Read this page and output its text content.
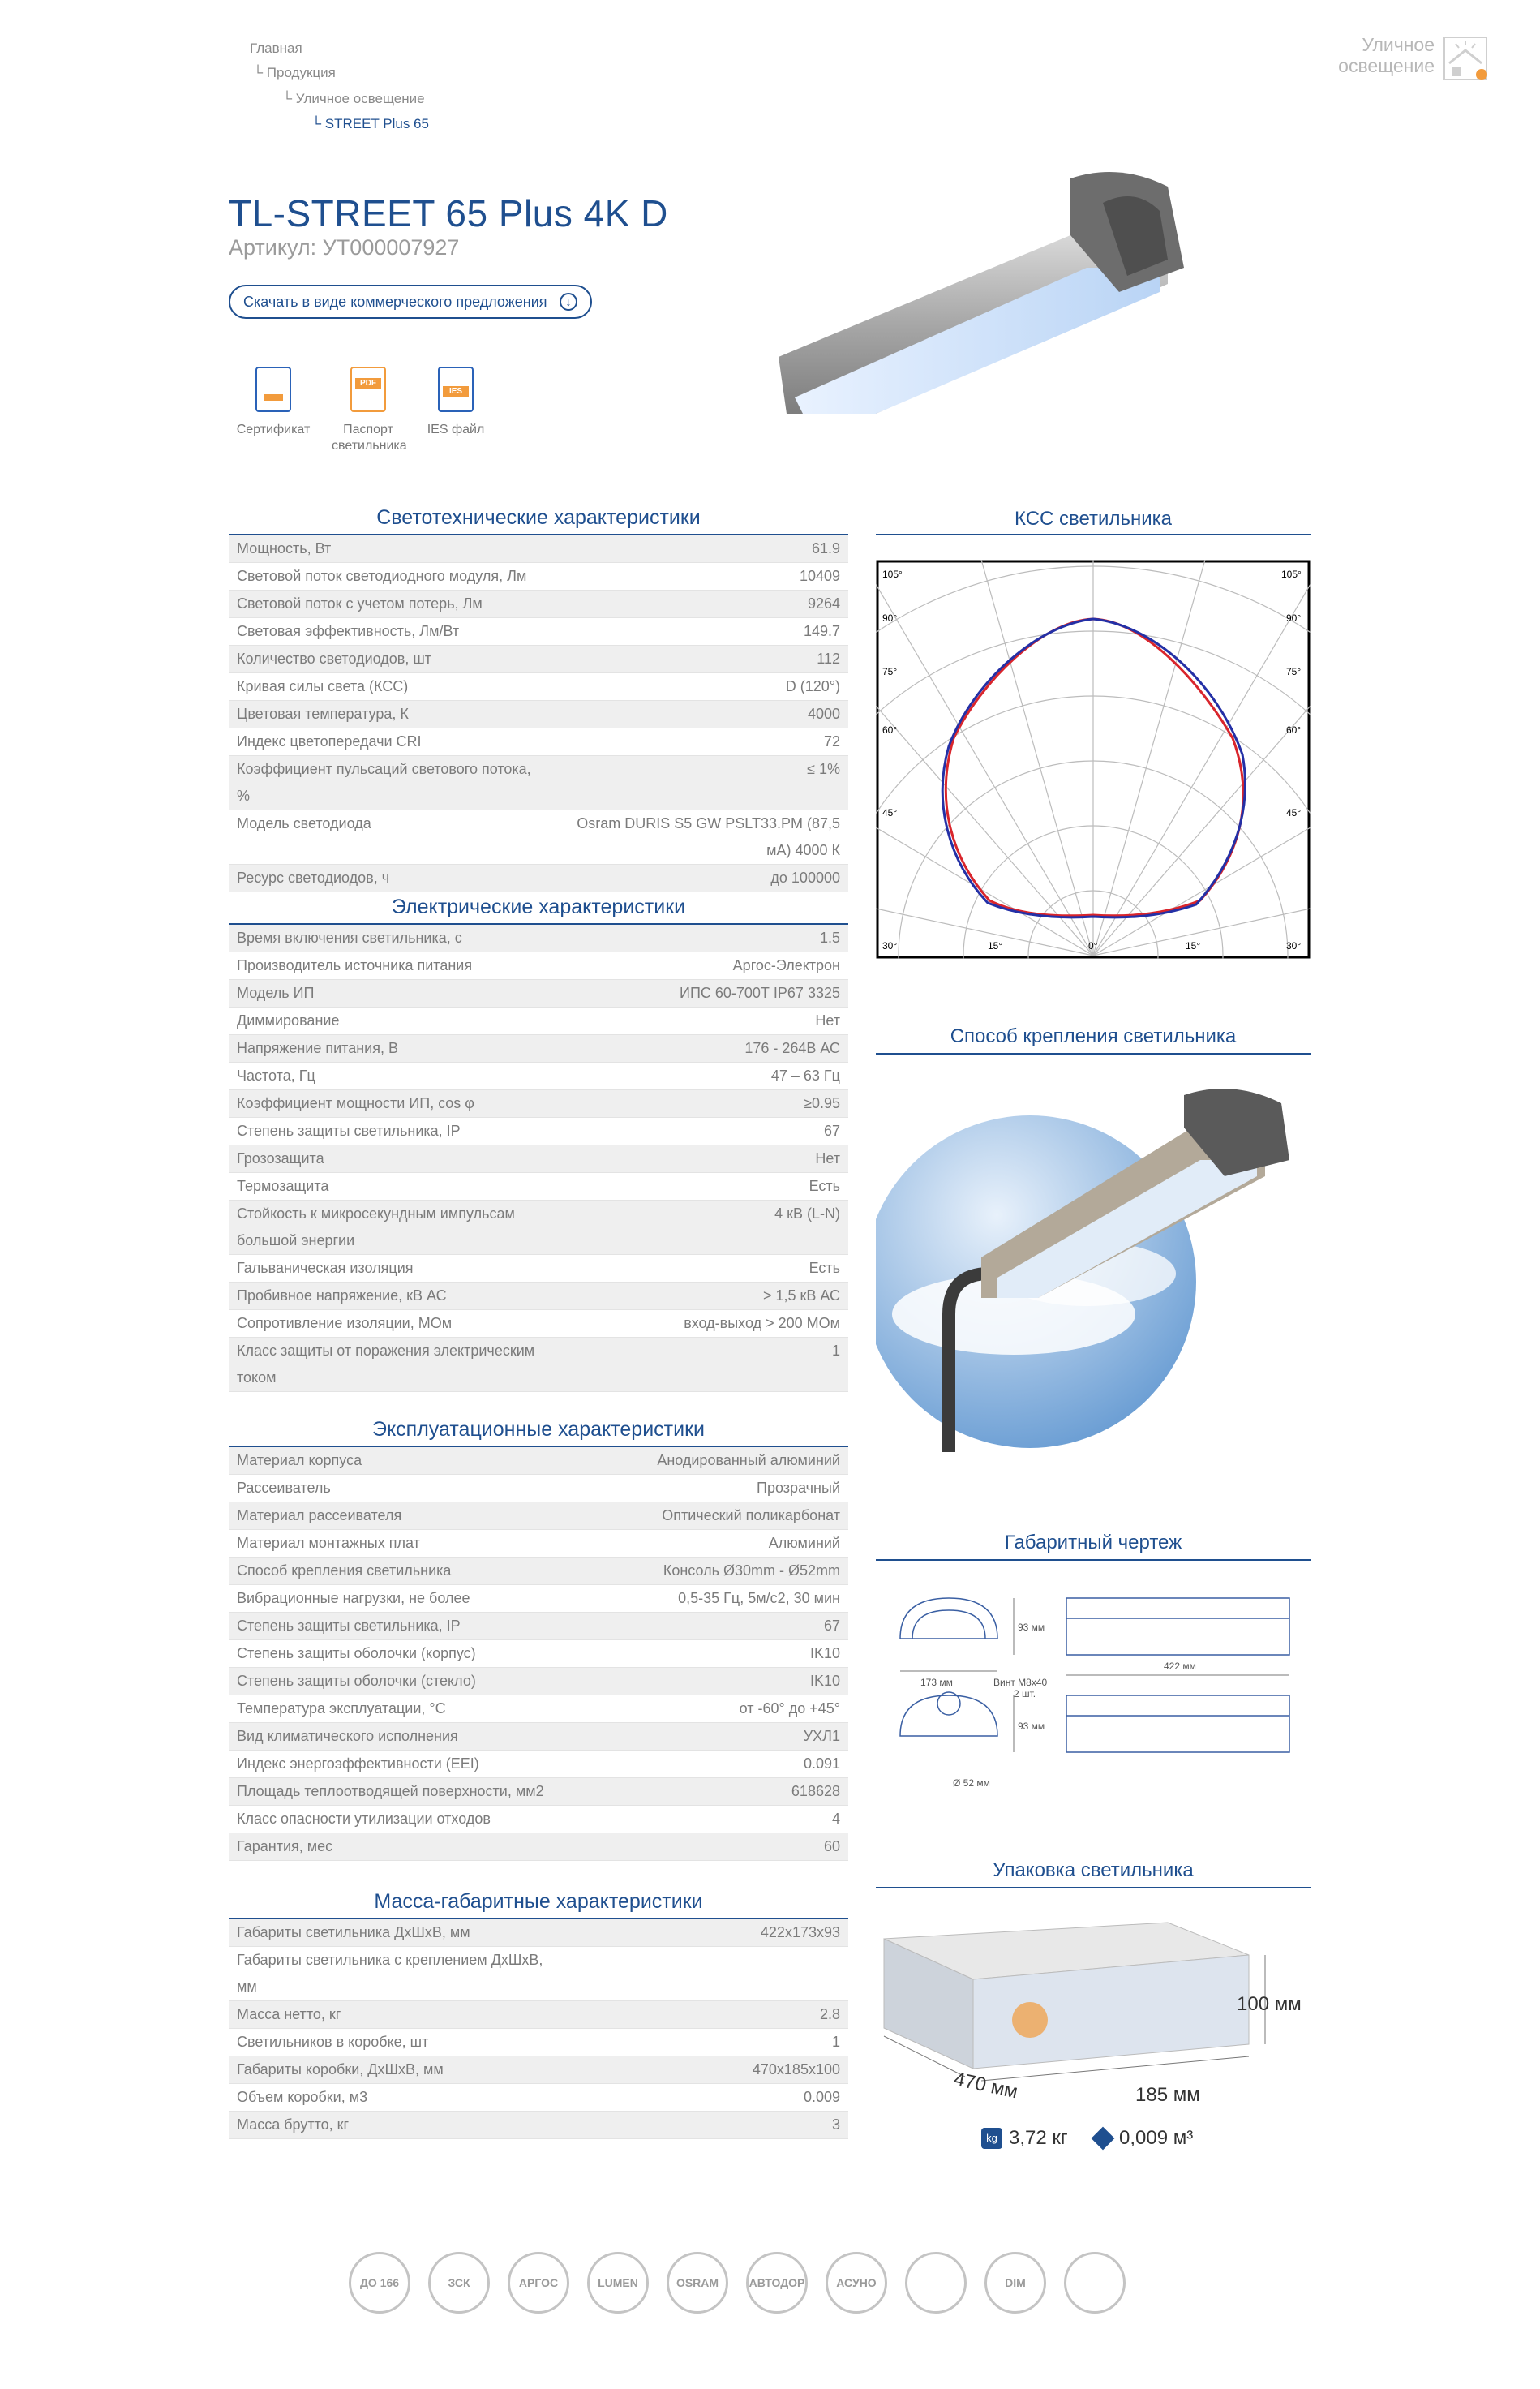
Главная
└ Продукция
└ Уличное освещение
└ STREET Plus 65
Уличное
освещение
TL-STREET 65 Plus 4K D
Артикул: УТ000007927
Скачать в виде коммерческого предложения	↓
Сертификат
PDF
Паспорт светильника
IES
IES файл
Светотехнические характеристики
Мощность, Вт	61.9
Световой поток светодиодного модуля, Лм	10409
Световой поток с учетом потерь, Лм	9264
Световая эффективность, Лм/Вт	149.7
Количество светодиодов, шт	112
Кривая силы света (КСС)	D (120°)
Цветовая температура, К	4000
Индекс цветопередачи CRI	72
Коэффициент пульсаций светового потока, %	≤ 1%
Модель светодиода	Osram DURIS S5 GW PSLT33.PM (87,5 мА) 4000 К
Ресурс светодиодов, ч	до 100000
Электрические характеристики
Время включения светильника, с	1.5
Производитель источника питания	Аргос-Электрон
Модель ИП	ИПС 60-700Т IP67 3325
Диммирование	Нет
Напряжение питания, В	176 - 264В АС
Частота, Гц	47 – 63 Гц
Коэффициент мощности ИП, cos φ	≥0.95
Степень защиты светильника, IP	67
Грозозащита	Нет
Термозащита	Есть
Стойкость к микросекундным импульсам большой энергии	4 кВ (L-N)
Гальваническая изоляция	Есть
Пробивное напряжение, кВ АС	> 1,5 кВ АС
Сопротивление изоляции, МОм	вход-выход > 200 МОм
Класс защиты от поражения электрическим током	1
Эксплуатационные характеристики
Материал корпуса	Анодированный алюминий
Рассеиватель	Прозрачный
Материал рассеивателя	Оптический поликарбонат
Материал монтажных плат	Алюминий
Способ крепления светильника	Консоль Ø30mm - Ø52mm
Вибрационные нагрузки, не более	0,5-35 Гц, 5м/с2, 30 мин
Степень защиты светильника, IP	67
Степень защиты оболочки (корпус)	IK10
Степень защиты оболочки (стекло)	IK10
Температура эксплуатации, °С	от -60° до +45°
Вид климатического исполнения	УХЛ1
Индекс энергоэффективности (EEI)	0.091
Площадь теплоотводящей поверхности, мм2	618628
Класс опасности утилизации отходов	4
Гарантия, мес	60
Масса-габаритные характеристики
Габариты светильника ДхШхВ, мм	422х173х93
Габариты светильника с креплением ДхШхВ, мм	
Масса нетто, кг	2.8
Светильников в коробке, шт	1
Габариты коробки, ДхШхВ, мм	470х185х100
Объем коробки, м3	0.009
Масса брутто, кг	3
КСС светильника
105°
90°
75°
60°
45°
30°
105°
90°
75°
60°
45°
30°
15°	0°	15°
Способ крепления светильника
Габаритный чертеж
93 мм
173 мм	Винт М8х40
2 шт.
93 мм
Ø 52 мм
422 мм
Упаковка светильника
470 мм	185 мм
100 мм
kg 3,72 кг	0,009 м³
ДО 166	ЗСК	АРГОС	LUMEN	OSRAM	АВТОДОР	АСУНО	DIM
